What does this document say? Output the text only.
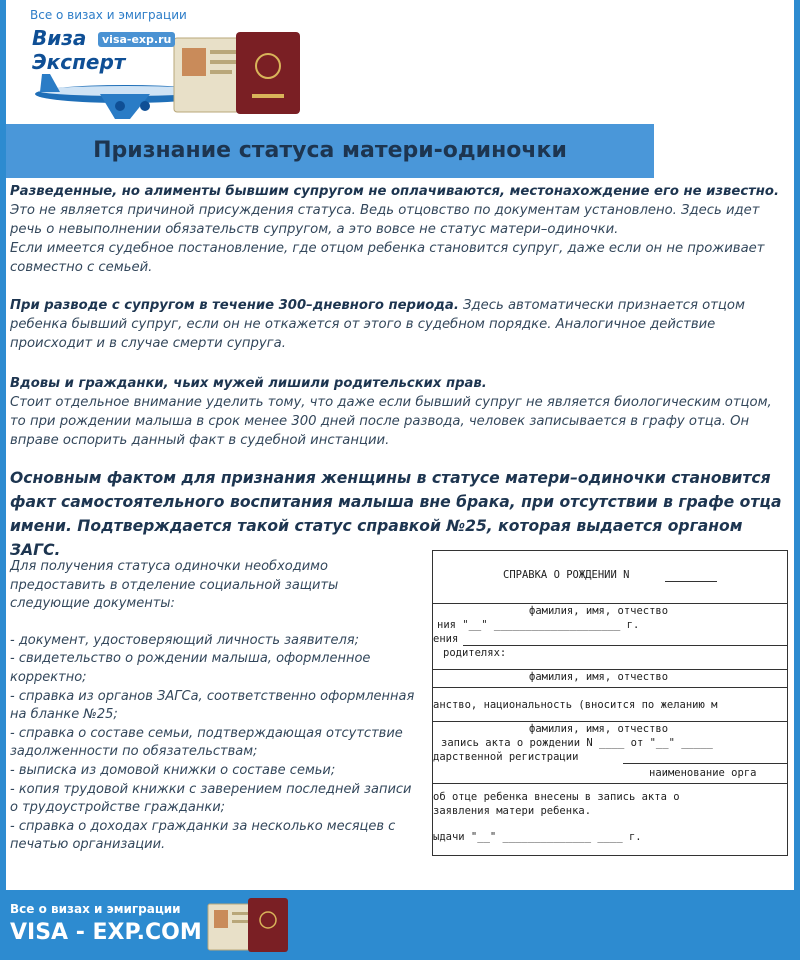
Все о визах и эмиграции
Виза	visa-exp.ru
Эксперт
Признание статуса матери-одиночки
Разведенные, но алименты бывшим супругом не оплачиваются, местонахождение его не известно. Это не является причиной присуждения статуса. Ведь отцовство по документам установлено. Здесь идет речь о невыполнении обязательств супругом, а это вовсе не статус матери–одиночки.
Если имеется судебное постановление, где отцом ребенка становится супруг, даже если он не проживает совместно с семьей.
При разводе с супругом в течение 300–дневного периода. Здесь автоматически признается отцом ребенка бывший супруг, если он не откажется от этого в судебном порядке. Аналогичное действие происходит и в случае смерти супруга.
Вдовы и гражданки, чьих мужей лишили родительских прав.
Стоит отдельное внимание уделить тому, что даже если бывший супруг не является биологическим отцом, то при рождении малыша в срок менее 300 дней после развода, человек записывается в графу отца. Он вправе оспорить данный факт в судебной инстанции.
Основным фактом для признания женщины в статусе матери–одиночки становится факт самостоятельного воспитания малыша вне брака, при отсутствии в графе отца имени. Подтверждается такой статус справкой №25, которая выдается органом ЗАГС.
Для получения статуса одиночки необходимо предоставить в отделение социальной защиты следующие документы:
- документ, удостоверяющий личность заявителя;
- свидетельство о рождении малыша, оформленное корректно;
- справка из органов ЗАГСа, соответственно оформленная на бланке №25;
- справка о составе семьи, подтверждающая отсутствие задолженности по обязательствам;
- выписка из домовой книжки о составе семьи;
- копия трудовой книжки с заверением последней записи о трудоустройстве гражданки;
- справка о доходах гражданки за несколько месяцев с печатью организации.
СПРАВКА О РОЖДЕНИИ N
фамилия, имя, отчество
ния "__" ____________________ г.
ения
родителях:
фамилия, имя, отчество
анство, национальность (вносится по желанию м
фамилия, имя, отчество
запись акта о рождении N ____ от "__" _____
дарственной регистрации
наименование орга
об отце ребенка внесены в запись акта о
заявления матери ребенка.
ыдачи "__" ______________ ____ г.
Все о визах и эмиграции
VISA - EXP.COM
